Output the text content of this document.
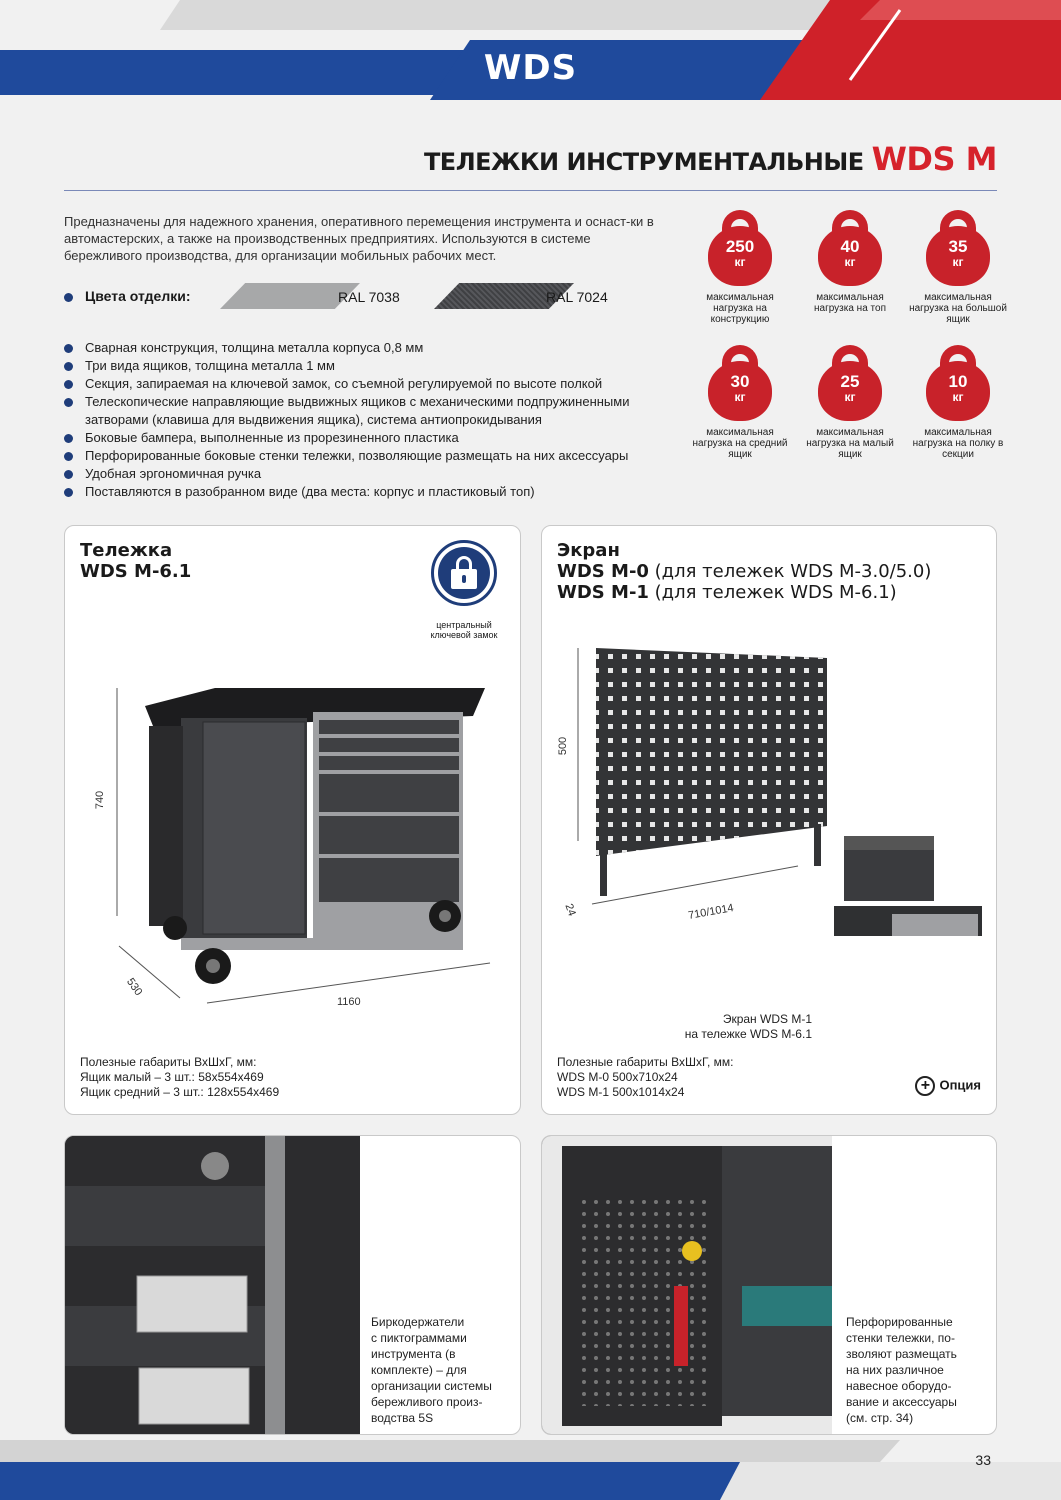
WDS
ТЕЛЕЖКИ ИНСТРУМЕНТАЛЬНЫЕ WDS M
Предназначены для надежного хранения, оперативного перемещения инструмента и оснаст-ки в автомастерских, а также на производственных предприятиях. Используются в системе бережливого производства, для организации мобильных рабочих мест.
Цвета отделки:	RAL 7038	RAL 7024
Сварная конструкция, толщина металла корпуса 0,8 мм
Три вида ящиков, толщина металла 1 мм
Секция, запираемая на ключевой замок, со съемной регулируемой по высоте полкой
Телескопические направляющие выдвижных ящиков с механическими подпружиненными затворами (клавиша для выдвижения ящика), система антиопрокидывания
Боковые бампера, выполненные из прорезиненного пластика
Перфорированные боковые стенки тележки, позволяющие размещать на них аксессуары
Удобная эргономичная ручка
Поставляются в разобранном виде (два места: корпус и пластиковый топ)
250
кг
максимальная нагрузка на конструкцию
40
кг
максимальная нагрузка на топ
35
кг
максимальная нагрузка на большой ящик
30
кг
максимальная нагрузка на средний ящик
25
кг
максимальная нагрузка на малый ящик
10
кг
максимальная нагрузка на полку в секции
Тележка
WDS M-6.1
центральный ключевой замок
740
530
1160
Полезные габариты ВхШхГ, мм:
Ящик малый – 3 шт.: 58x554x469
Ящик средний – 3 шт.: 128x554x469
Экран
WDS M-0 (для тележек WDS M-3.0/5.0)
WDS M-1 (для тележек WDS M-6.1)
500
24	710/1014
Экран WDS M-1
на тележке WDS M-6.1
Полезные габариты ВхШхГ, мм:
WDS M-0 500x710x24
WDS M-1 500x1014x24	+ Опция
Биркодержатели
с пиктограммами
инструмента (в
комплекте) – для
организации системы
бережливого произ-
водства 5S
Перфорированные
стенки тележки, по-
зволяют размещать
на них различное
навесное оборудо-
вание и аксессуары
(см. стр. 34)
33
